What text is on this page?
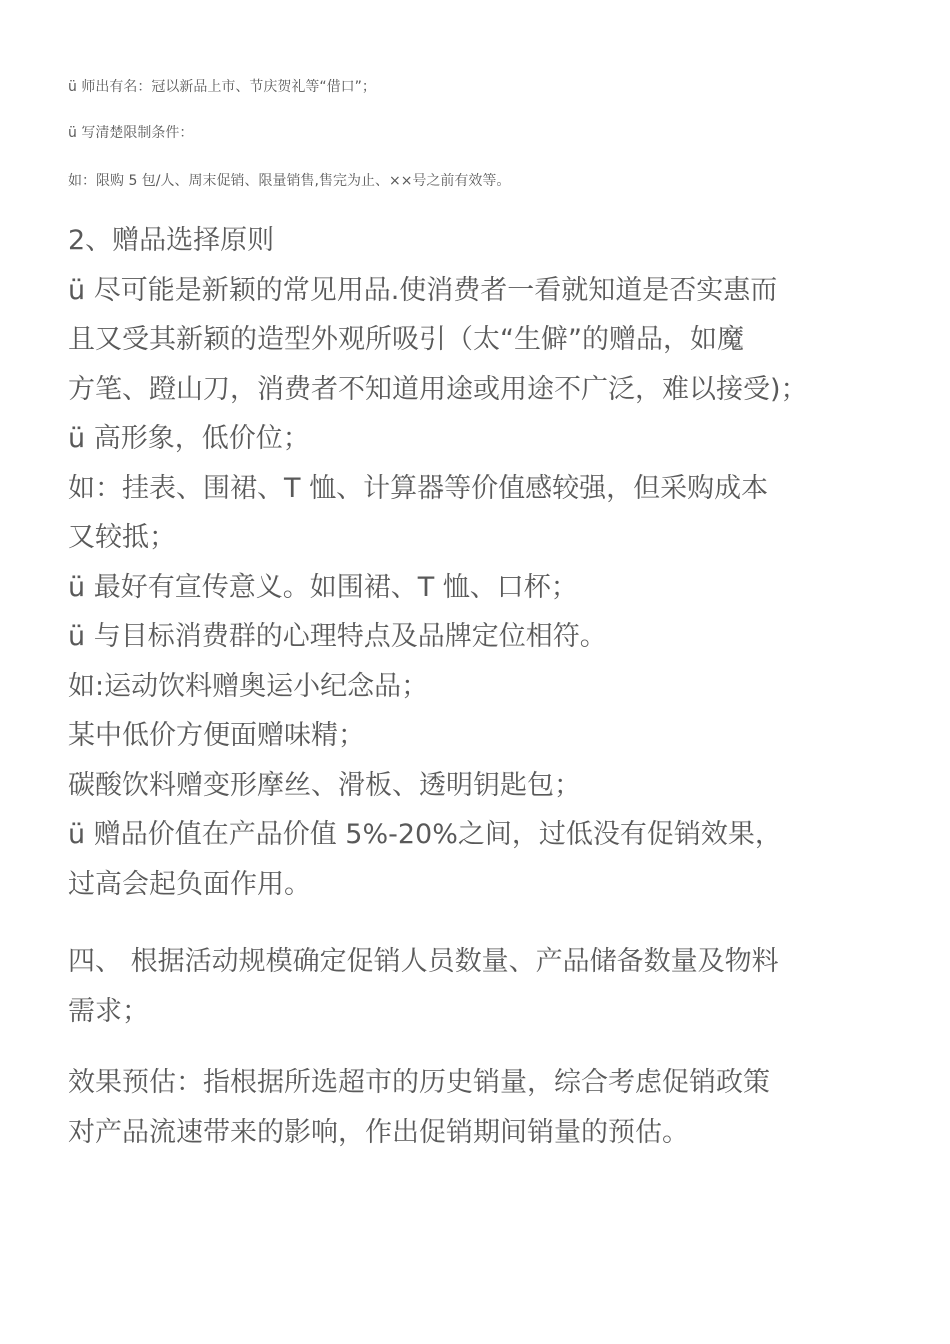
ü 师出有名：冠以新品上市、节庆贺礼等“借口”；
ü 写清楚限制条件：
如：限购 5 包/人、周末促销、限量销售,售完为止、××号之前有效等。
2、赠品选择原则
ü 尽可能是新颖的常见用品.使消费者一看就知道是否实惠而
且又受其新颖的造型外观所吸引（太“生僻”的赠品，如魔
方笔、蹬山刀，消费者不知道用途或用途不广泛，难以接受)；
ü 高形象，低价位；
如：挂表、围裙、T 恤、计算器等价值感较强，但采购成本
又较抵；
ü 最好有宣传意义。如围裙、T 恤、口杯；
ü 与目标消费群的心理特点及品牌定位相符。
如:运动饮料赠奥运小纪念品；
某中低价方便面赠味精；
碳酸饮料赠变形摩丝、滑板、透明钥匙包；
ü 赠品价值在产品价值 5%-20%之间，过低没有促销效果，
过高会起负面作用。
四、 根据活动规模确定促销人员数量、产品储备数量及物料
需求；
效果预估：指根据所选超市的历史销量，综合考虑促销政策
对产品流速带来的影响，作出促销期间销量的预估。
